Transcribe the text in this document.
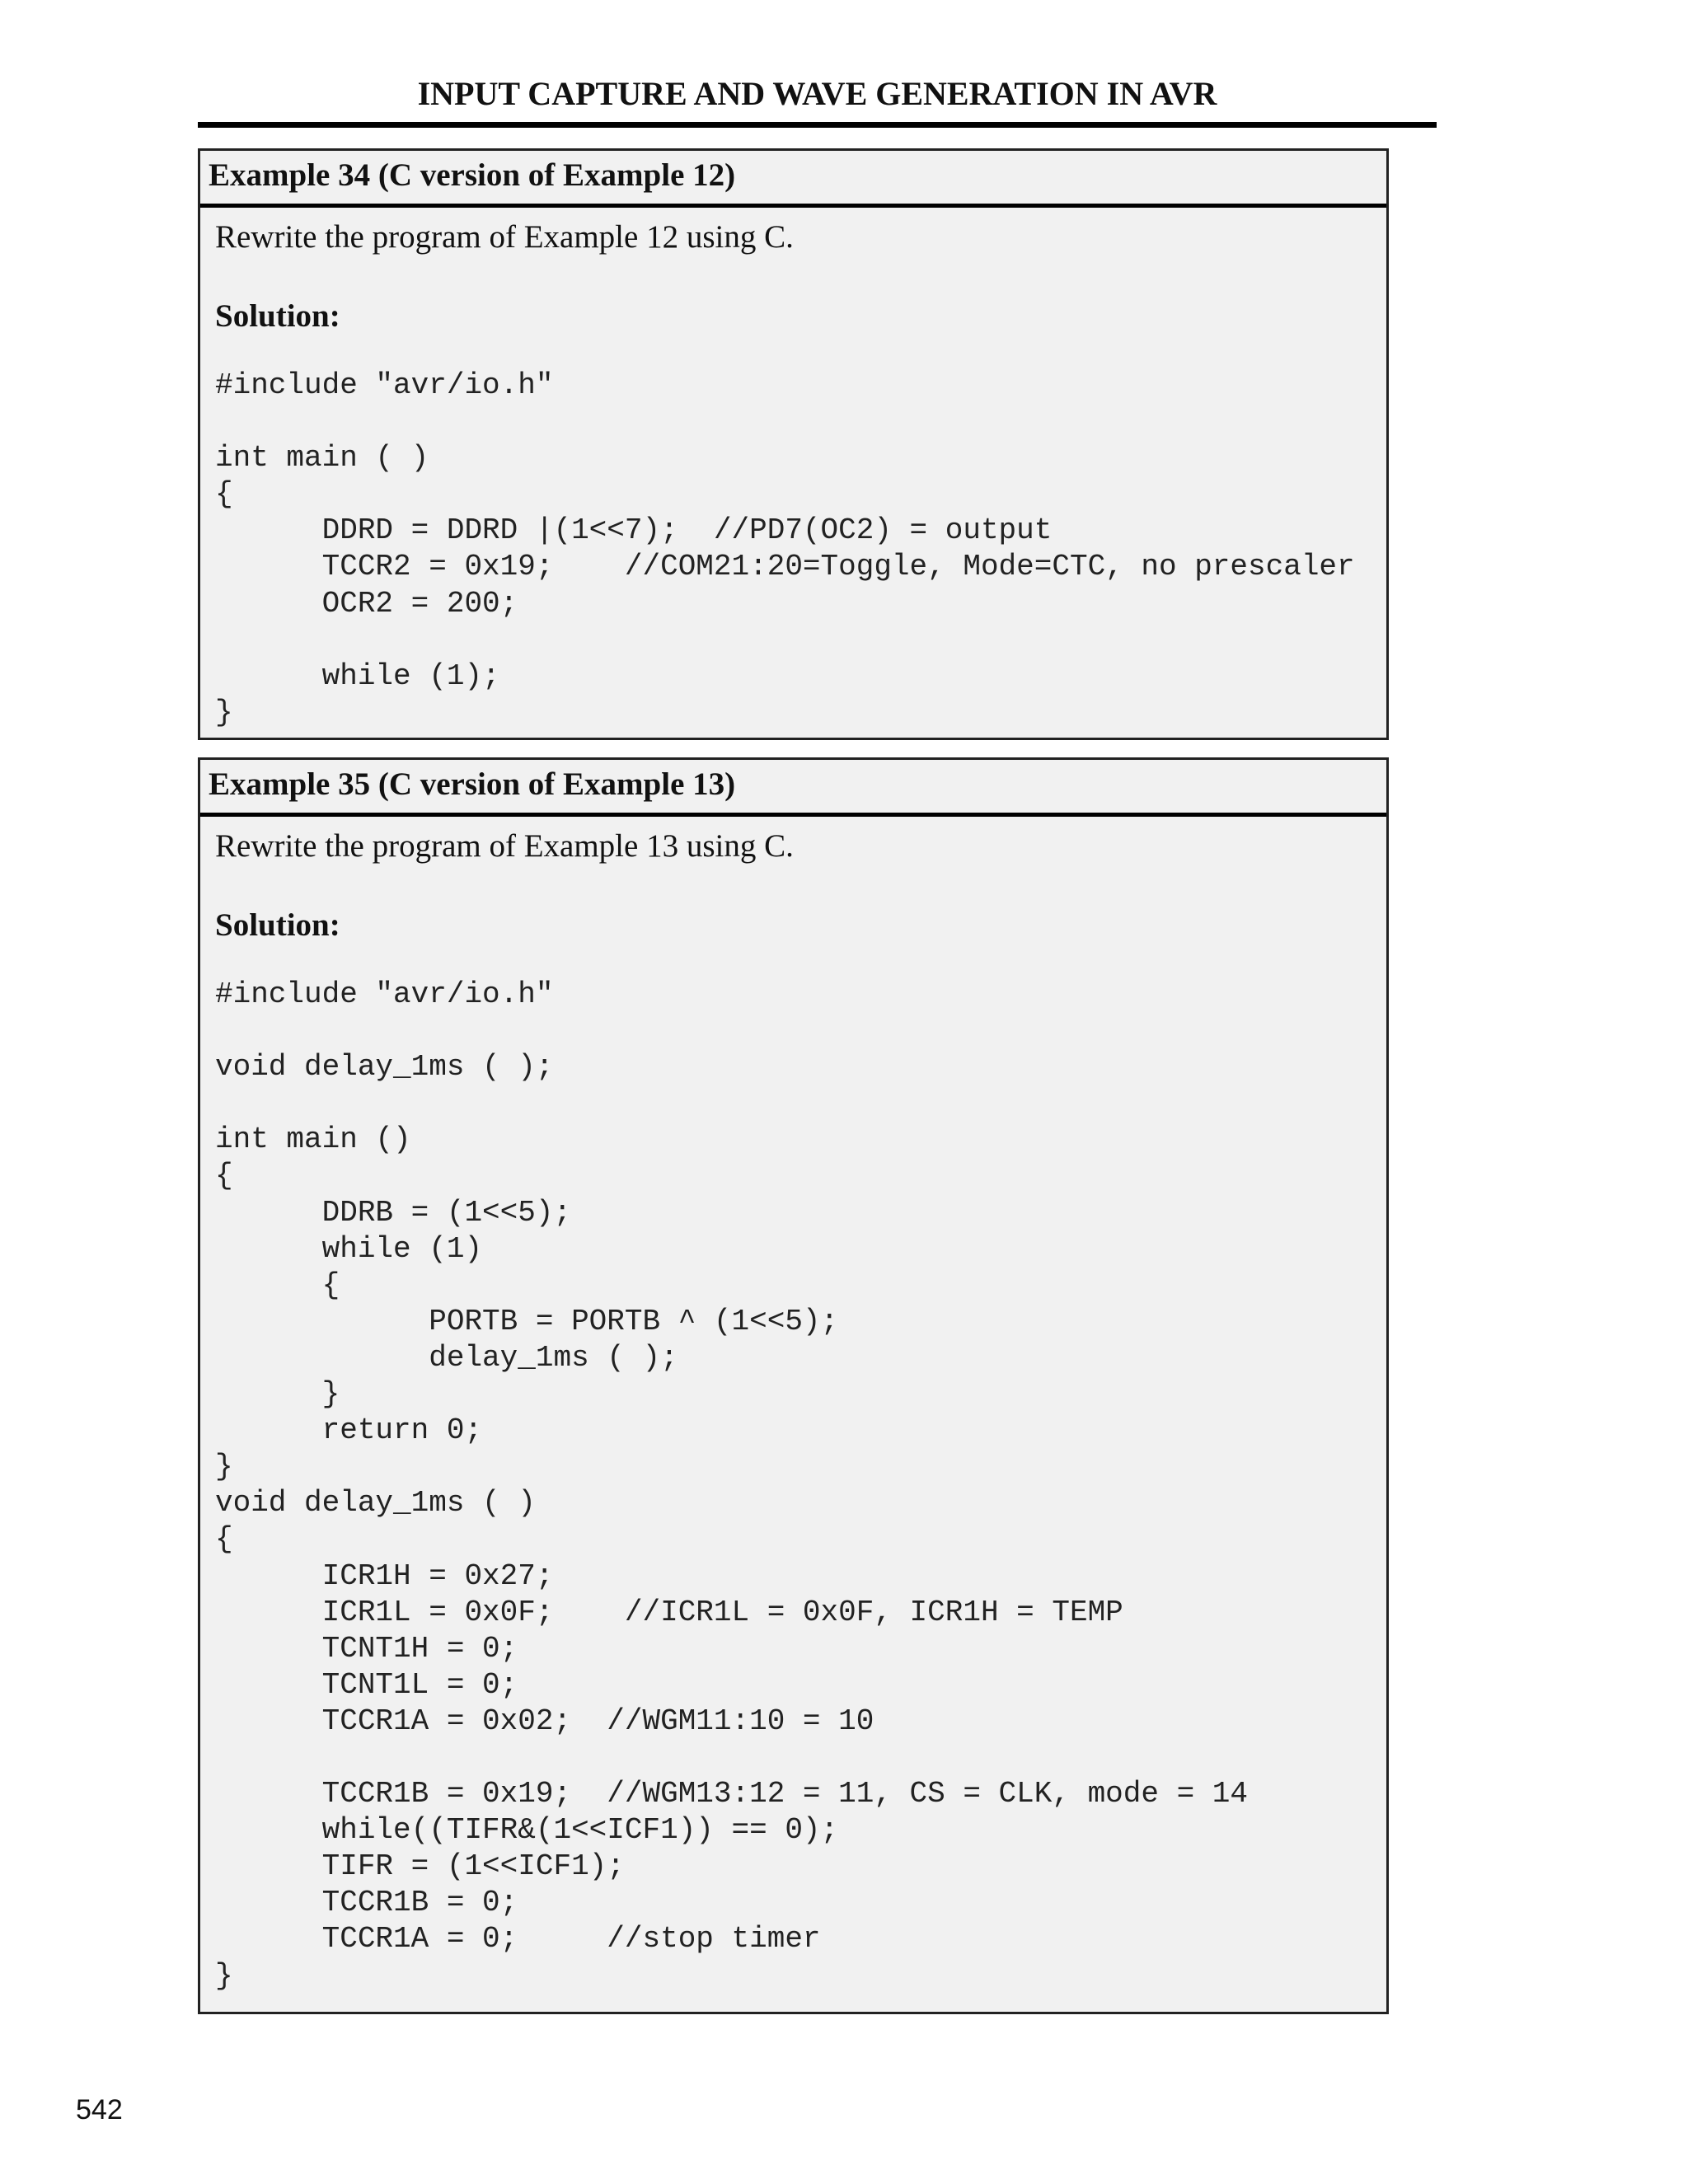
INPUT CAPTURE AND WAVE GENERATION IN AVR
Example 34 (C version of Example 12)
Rewrite the program of Example 12 using C.
Solution:
#include "avr/io.h"
int main ( )
{
DDRD = DDRD |(1<<7);  //PD7(OC2) = output
TCCR2 = 0x19;    //COM21:20=Toggle, Mode=CTC, no prescaler
OCR2 = 200;
while (1);
}
Example 35 (C version of Example 13)
Rewrite the program of Example 13 using C.
Solution:
#include "avr/io.h"
void delay_1ms ( );
int main ()
{
DDRB = (1<<5);
while (1)
{
PORTB = PORTB ^ (1<<5);
delay_1ms ( );
}
return 0;
}
void delay_1ms ( )
{
ICR1H = 0x27;
ICR1L = 0x0F;    //ICR1L = 0x0F, ICR1H = TEMP
TCNT1H = 0;
TCNT1L = 0;
TCCR1A = 0x02;  //WGM11:10 = 10
TCCR1B = 0x19;  //WGM13:12 = 11, CS = CLK, mode = 14
while((TIFR&(1<<ICF1)) == 0);
TIFR = (1<<ICF1);
TCCR1B = 0;
TCCR1A = 0;     //stop timer
}
542
